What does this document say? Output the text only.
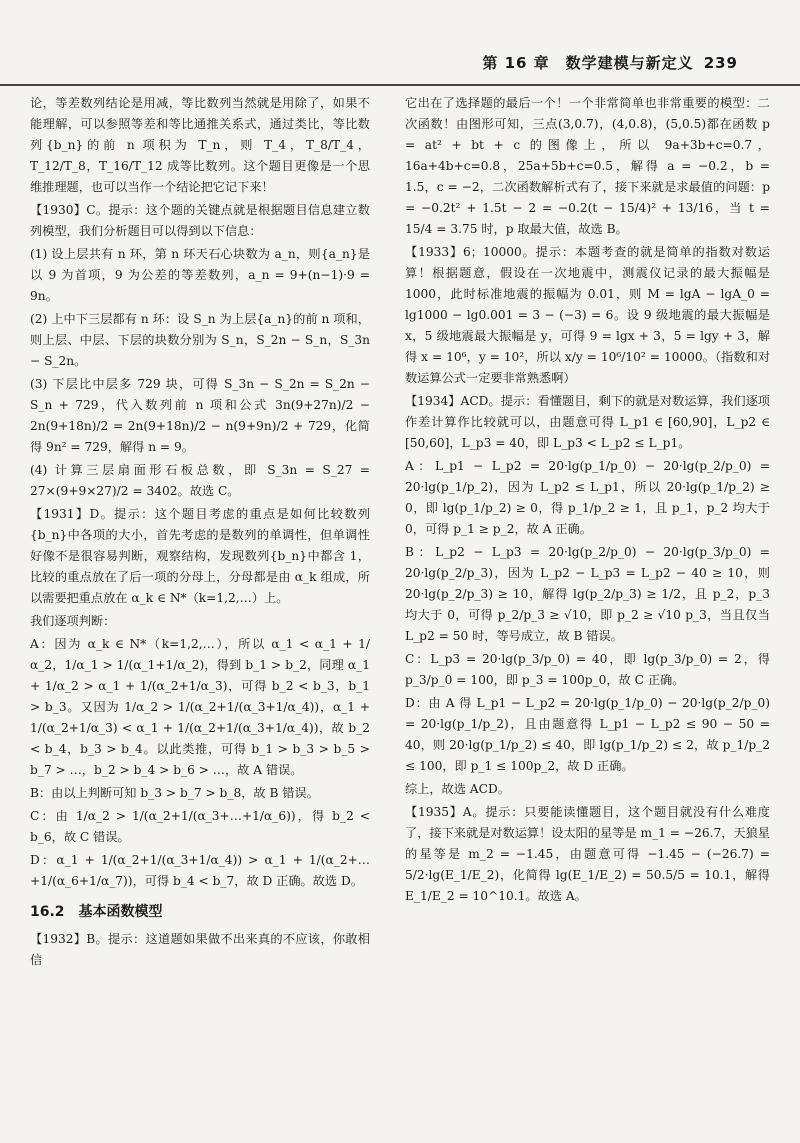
第 16 章　数学建模与新定义 239

论，等差数列结论是用减，等比数列当然就是用除了，如果不能理解，可以参照等差和等比通推关系式，通过类比，等比数列{b_n}的前 n 项积为 T_n，则 T_4，T_8/T_4，T_12/T_8，T_16/T_12 成等比数列。这个题目更像是一个思维推理题，也可以当作一个结论把它记下来！

【1930】C。提示：这个题的关键点就是根据题目信息建立数列模型，我们分析题目可以得到以下信息：

(1) 设上层共有 n 环，第 n 环天石心块数为 a_n，则{a_n}是以 9 为首项，9 为公差的等差数列，a_n = 9+(n−1)·9 = 9n。

(2) 上中下三层都有 n 环：设 S_n 为上层{a_n}的前 n 项和，则上层、中层、下层的块数分别为 S_n，S_2n − S_n，S_3n − S_2n。

(3) 下层比中层多 729 块，可得 S_3n − S_2n = S_2n − S_n + 729，代入数列前 n 项和公式 3n(9+27n)/2 − 2n(9+18n)/2 = 2n(9+18n)/2 − n(9+9n)/2 + 729，化简得 9n² = 729，解得 n = 9。

(4) 计算三层扇面形石板总数，即 S_3n = S_27 = 27×(9+9×27)/2 = 3402。故选 C。

【1931】D。提示：这个题目考虑的重点是如何比较数列{b_n}中各项的大小，首先考虑的是数列的单调性，但单调性好像不是很容易判断，观察结构，发现数列{b_n}中都含 1，比较的重点放在了后一项的分母上，分母都是由 α_k 组成，所以需要把重点放在 α_k ∈ N*（k=1,2,…）上。

我们逐项判断：

A：因为 α_k ∈ N*（k=1,2,…），所以 α_1 < α_1 + 1/α_2，1/α_1 > 1/(α_1+1/α_2)，得到 b_1 > b_2，同理 α_1 + 1/α_2 > α_1 + 1/(α_2+1/α_3)，可得 b_2 < b_3，b_1 > b_3。又因为 1/α_2 > 1/(α_2+1/(α_3+1/α_4))，α_1 + 1/(α_2+1/α_3) < α_1 + 1/(α_2+1/(α_3+1/α_4))，故 b_2 < b_4，b_3 > b_4。以此类推，可得 b_1 > b_3 > b_5 > b_7 > …，b_2 > b_4 > b_6 > …，故 A 错误。

B：由以上判断可知 b_3 > b_7 > b_8，故 B 错误。

C：由 1/α_2 > 1/(α_2+1/(α_3+…+1/α_6))，得 b_2 < b_6，故 C 错误。

D：α_1 + 1/(α_2+1/(α_3+1/α_4)) > α_1 + 1/(α_2+…+1/(α_6+1/α_7))，可得 b_4 < b_7，故 D 正确。故选 D。

16.2　基本函数模型

【1932】B。提示：这道题如果做不出来真的不应该，你敢相信

它出在了选择题的最后一个！一个非常简单也非常重要的模型：二次函数！由图形可知，三点(3,0.7)，(4,0.8)，(5,0.5)都在函数 p = at² + bt + c 的图像上，所以 9a+3b+c=0.7，16a+4b+c=0.8，25a+5b+c=0.5，解得 a = −0.2，b = 1.5，c = −2，二次函数解析式有了，接下来就是求最值的问题：p = −0.2t² + 1.5t − 2 = −0.2(t − 15/4)² + 13/16，当 t = 15/4 = 3.75 时，p 取最大值，故选 B。

【1933】6；10000。提示：本题考查的就是简单的指数对数运算！根据题意，假设在一次地震中，测震仪记录的最大振幅是 1000，此时标准地震的振幅为 0.01，则 M = lgA − lgA_0 = lg1000 − lg0.001 = 3 − (−3) = 6。设 9 级地震的最大振幅是 x，5 级地震最大振幅是 y，可得 9 = lgx + 3，5 = lgy + 3，解得 x = 10⁶，y = 10²，所以 x/y = 10⁶/10² = 10000。（指数和对数运算公式一定要非常熟悉啊）

【1934】ACD。提示：看懂题目，剩下的就是对数运算，我们逐项作差计算作比较就可以，由题意可得 L_p1 ∈ [60,90]，L_p2 ∈ [50,60]，L_p3 = 40，即 L_p3 < L_p2 ≤ L_p1。

A：L_p1 − L_p2 = 20·lg(p_1/p_0) − 20·lg(p_2/p_0) = 20·lg(p_1/p_2)，因为 L_p2 ≤ L_p1，所以 20·lg(p_1/p_2) ≥ 0，即 lg(p_1/p_2) ≥ 0，得 p_1/p_2 ≥ 1，且 p_1，p_2 均大于 0，可得 p_1 ≥ p_2，故 A 正确。

B：L_p2 − L_p3 = 20·lg(p_2/p_0) − 20·lg(p_3/p_0) = 20·lg(p_2/p_3)，因为 L_p2 − L_p3 = L_p2 − 40 ≥ 10，则 20·lg(p_2/p_3) ≥ 10，解得 lg(p_2/p_3) ≥ 1/2，且 p_2，p_3 均大于 0，可得 p_2/p_3 ≥ √10，即 p_2 ≥ √10 p_3，当且仅当 L_p2 = 50 时，等号成立，故 B 错误。

C：L_p3 = 20·lg(p_3/p_0) = 40，即 lg(p_3/p_0) = 2，得 p_3/p_0 = 100，即 p_3 = 100p_0，故 C 正确。

D：由 A 得 L_p1 − L_p2 = 20·lg(p_1/p_0) − 20·lg(p_2/p_0) = 20·lg(p_1/p_2)，且由题意得 L_p1 − L_p2 ≤ 90 − 50 = 40，则 20·lg(p_1/p_2) ≤ 40，即 lg(p_1/p_2) ≤ 2，故 p_1/p_2 ≤ 100，即 p_1 ≤ 100p_2，故 D 正确。

综上，故选 ACD。

【1935】A。提示：只要能读懂题目，这个题目就没有什么难度了，接下来就是对数运算！设太阳的星等是 m_1 = −26.7，天狼星的星等是 m_2 = −1.45，由题意可得 −1.45 − (−26.7) = 5/2·lg(E_1/E_2)，化简得 lg(E_1/E_2) = 50.5/5 = 10.1，解得 E_1/E_2 = 10^10.1。故选 A。
